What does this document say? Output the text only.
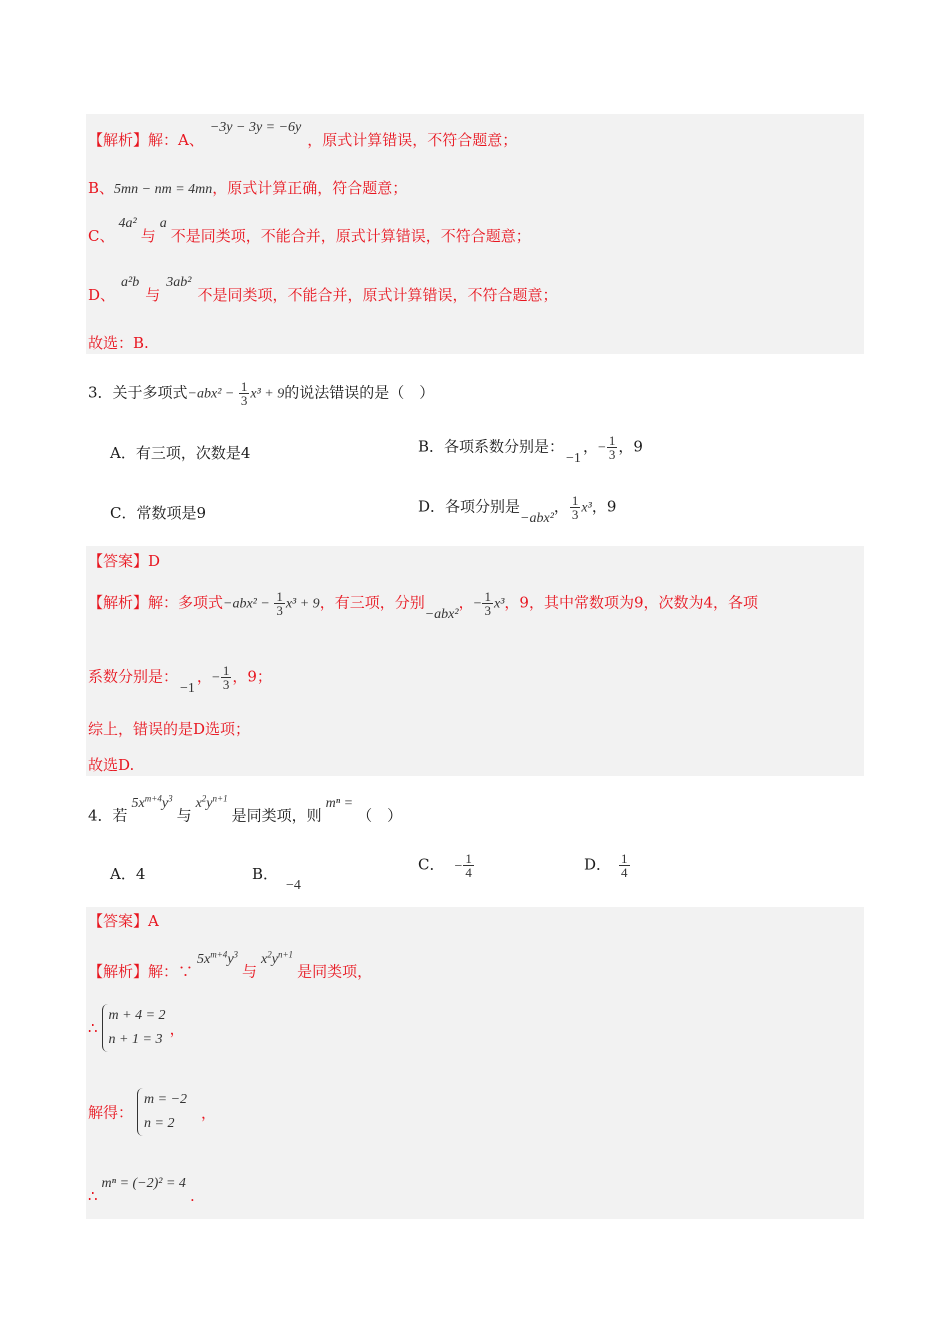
【解析】解：A、−3y − 3y = −6y，原式计算错误，不符合题意；
B、5mn − nm = 4mn，原式计算正确，符合题意；
C、4a²与a不是同类项，不能合并，原式计算错误，不符合题意；
D、a²b与3ab²不是同类项，不能合并，原式计算错误，不符合题意；
故选：B.
3．关于多项式$-abx^2 - \frac{1}{3} x^3 + 9$的说法错误的是（　）
A．有三项，次数是4	B．各项系数分别是：−1，− $\frac{1}{3}$ ，9
C．常数项是9	D．各项分别是−abx²， $\frac{1}{3} x^3$，9
【答案】D
【解析】解：多项式$-abx^2 - \frac{1}{3} x^3 + 9$，有三项，分别−abx²，− $\frac{1}{3} x^3$，9，其中常数项为9，次数为4，各项
系数分别是：−1，− $\frac{1}{3}$ ，9；
综上，错误的是D选项；
故选D.
4．若$5x^{m+4}y^3$与$x^2y^{n+1}$是同类项，则mⁿ =（　）
A．4	B．−4
C． − $\frac{1}{4}$	D． $\frac{1}{4}$
【答案】A
【解析】解：$\because 5x^{m+4}y^3$与$x^2y^{n+1}$是同类项，
∴
m + 4 = 2
n + 1 = 3
，
解得：
m = −2
n = 2
，
∴mⁿ = (−2)² = 4.
